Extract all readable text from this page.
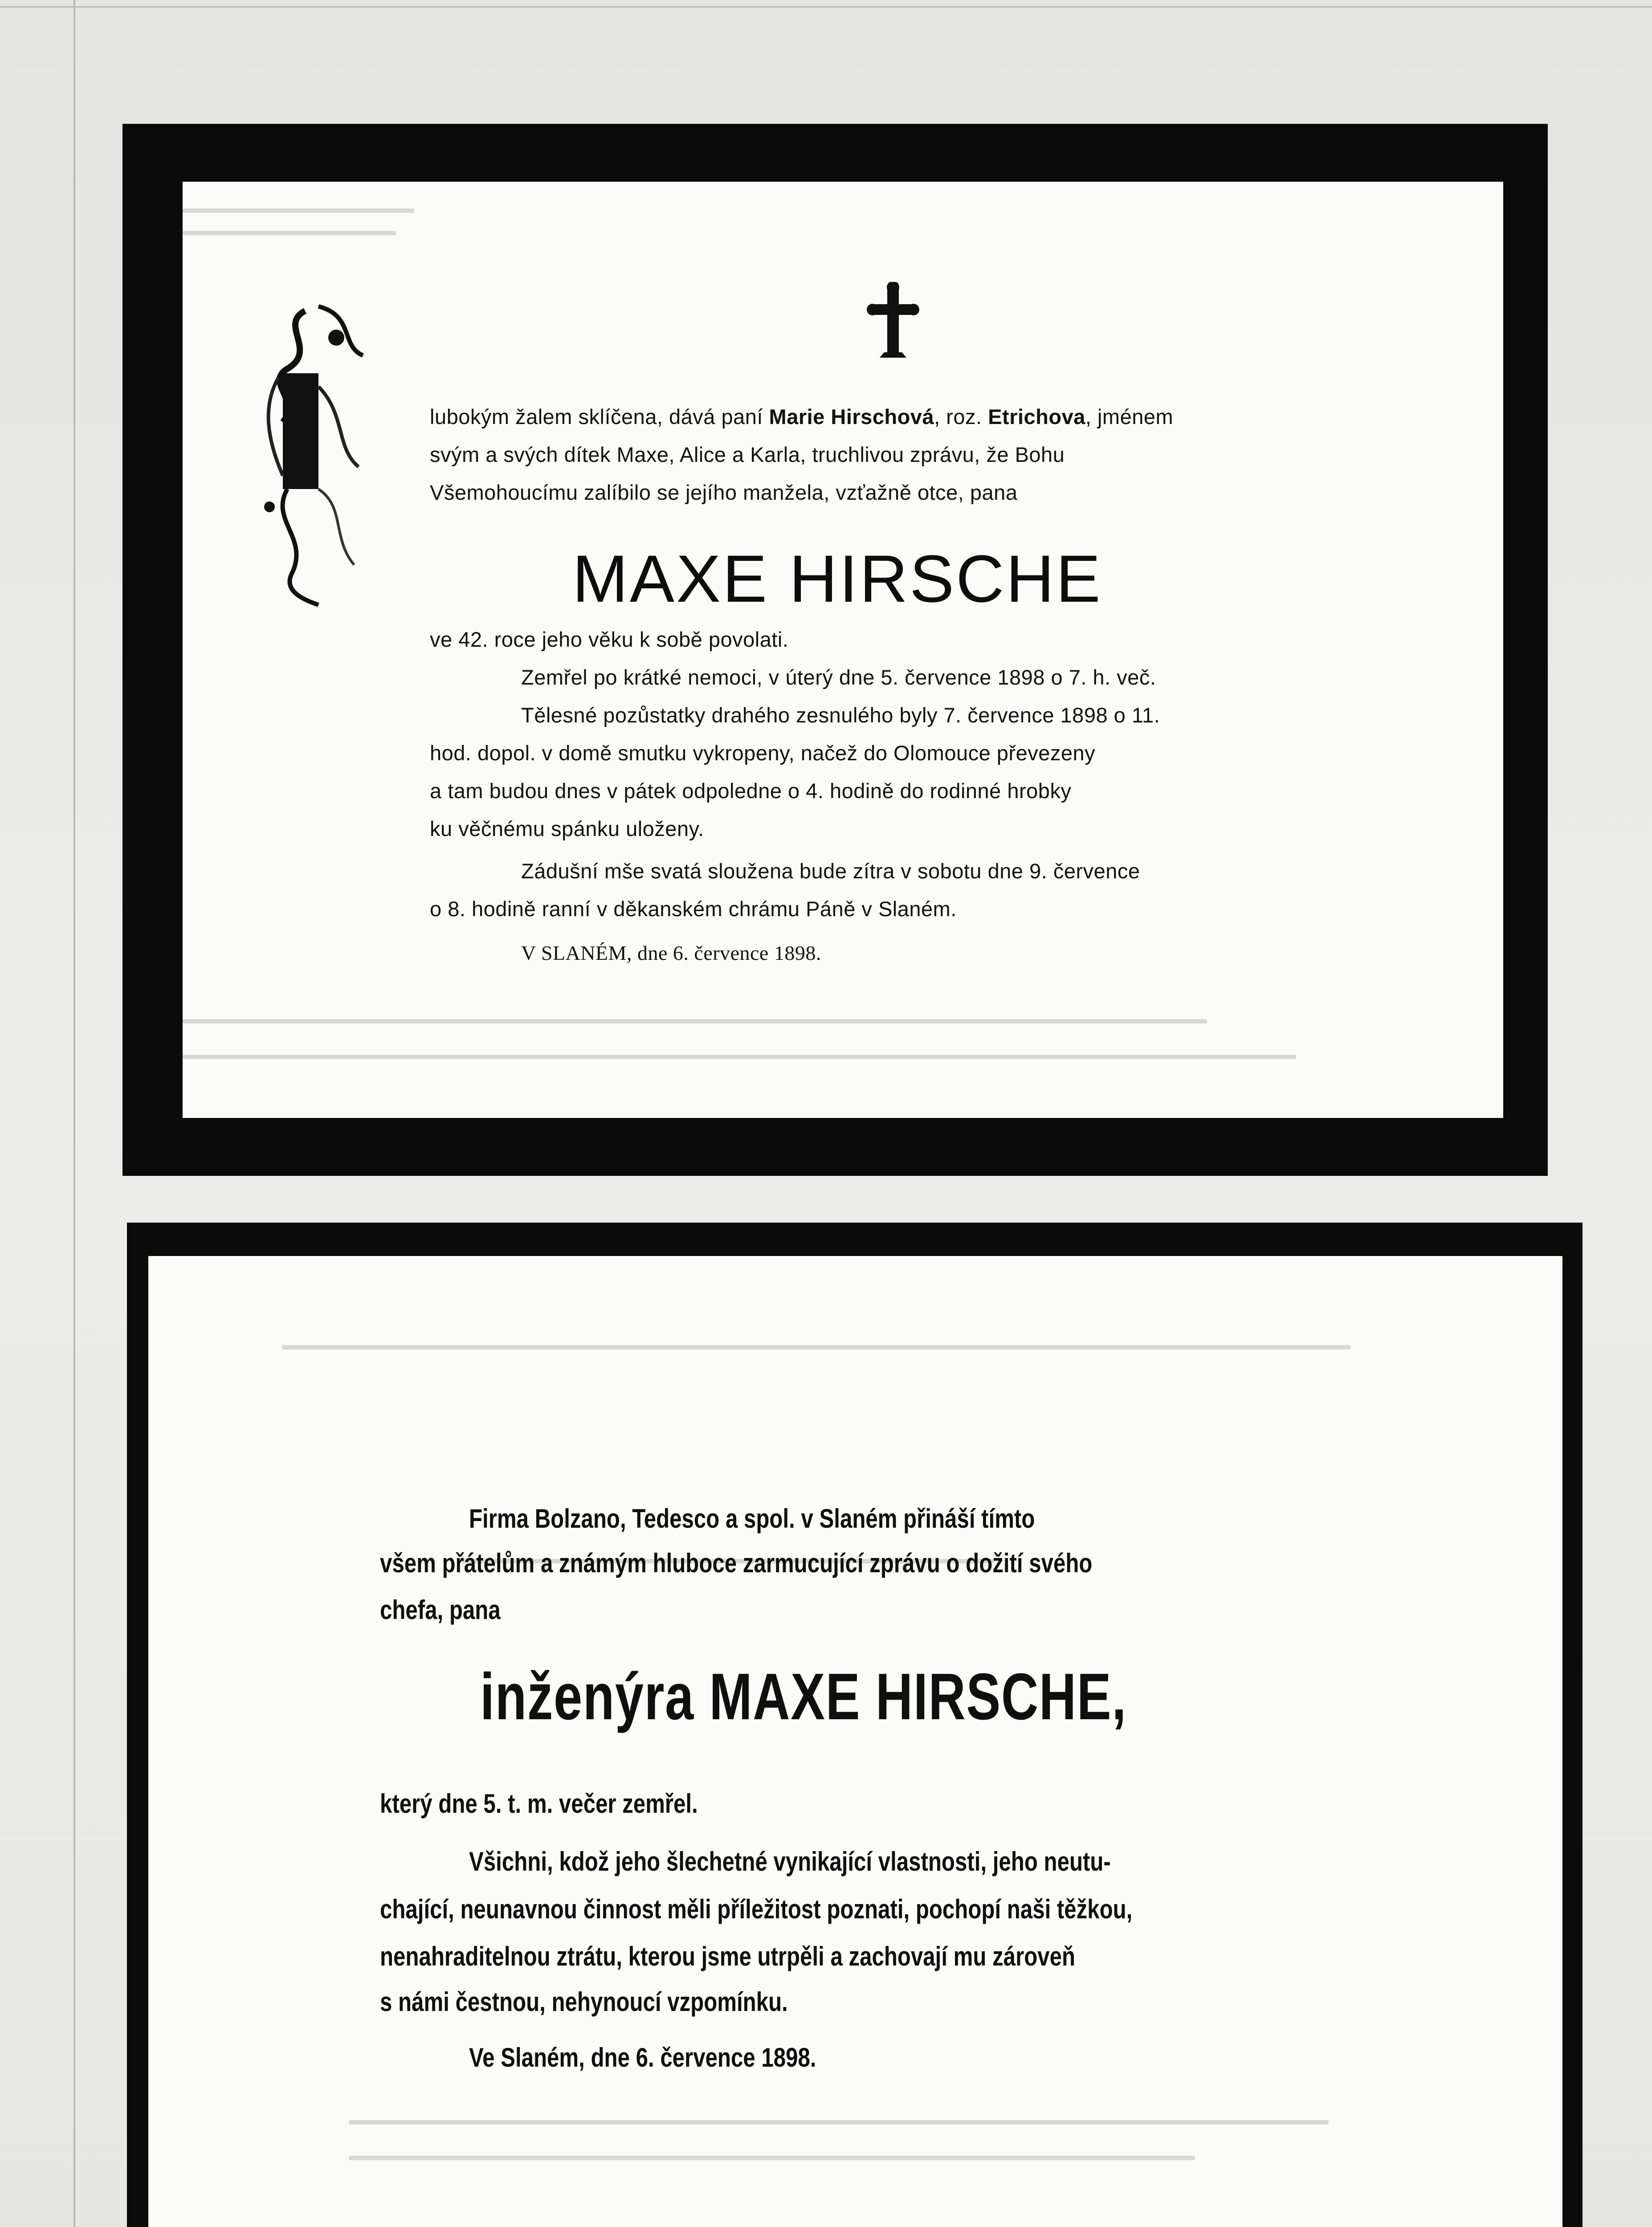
lubokým žalem sklíčena, dává paní Marie Hirschová, roz. Etrichova, jménem
svým a svých dítek Maxe, Alice a Karla, truchlivou zprávu, že Bohu
Všemohoucímu zalíbilo se jejího manžela, vzťažně otce, pana
MAXE HIRSCHE
ve 42. roce jeho věku k sobě povolati.
Zemřel po krátké nemoci, v úterý dne 5. července 1898 o 7. h. več.
Tělesné pozůstatky drahého zesnulého byly 7. července 1898 o 11.
hod. dopol. v domě smutku vykropeny, načež do Olomouce převezeny
a tam budou dnes v pátek odpoledne o 4. hodině do rodinné hrobky
ku věčnému spánku uloženy.
Zádušní mše svatá sloužena bude zítra v sobotu dne 9. července
o 8. hodině ranní v děkanském chrámu Páně v Slaném.
V SLANÉM, dne 6. července 1898.
Firma Bolzano, Tedesco a spol. v Slaném přináší tímto
všem přátelům a známým hluboce zarmucující zprávu o dožití svého
chefa, pana
inženýra MAXE HIRSCHE,
který dne 5. t. m. večer zemřel.
Všichni, kdož jeho šlechetné vynikající vlastnosti, jeho neutu-
chající, neunavnou činnost měli příležitost poznati, pochopí naši těžkou,
nenahraditelnou ztrátu, kterou jsme utrpěli a zachovají mu zároveň
s námi čestnou, nehynoucí vzpomínku.
Ve Slaném, dne 6. července 1898.
